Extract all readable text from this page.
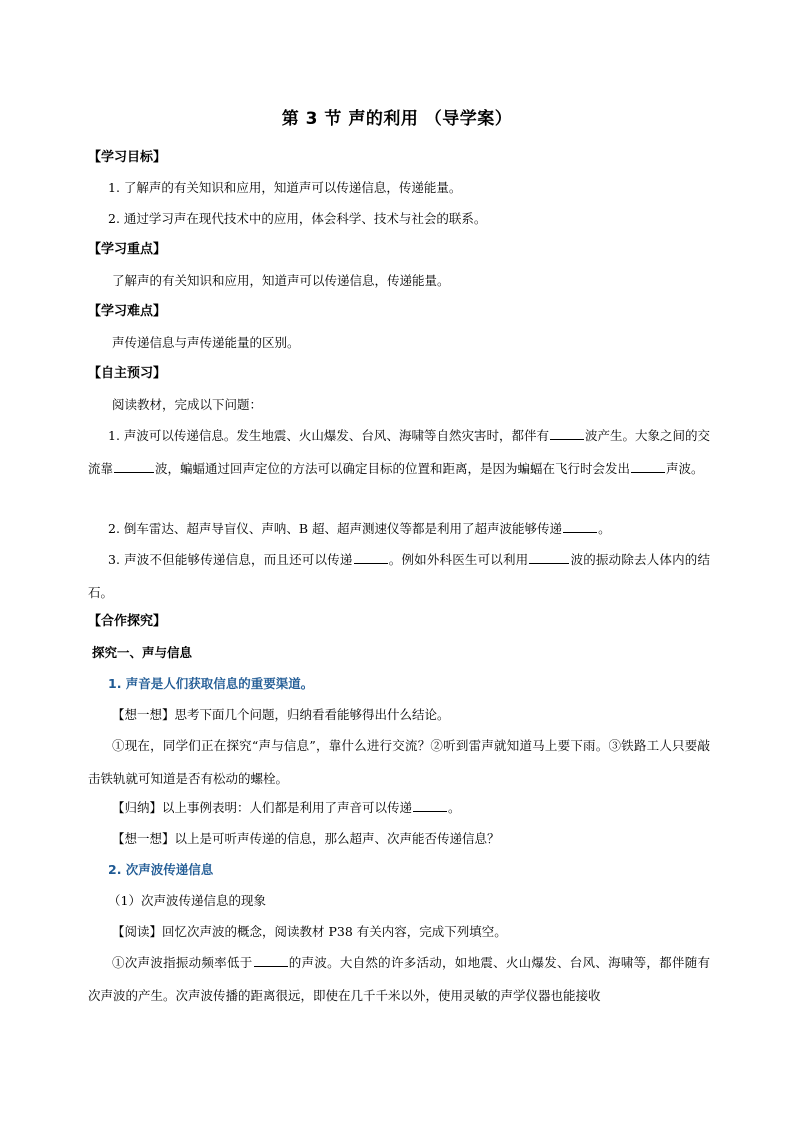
第 3 节 声的利用 （导学案）

【学习目标】

1. 了解声的有关知识和应用，知道声可以传递信息，传递能量。

2. 通过学习声在现代技术中的应用，体会科学、技术与社会的联系。

【学习重点】

了解声的有关知识和应用，知道声可以传递信息，传递能量。

【学习难点】

声传递信息与声传递能量的区别。

【自主预习】

阅读教材，完成以下问题：

1. 声波可以传递信息。发生地震、火山爆发、台风、海啸等自然灾害时，都伴有	波产生。大象之间的交流靠	波，蝙蝠通过回声定位的方法可以确定目标的位置和距离，是因为蝙蝠在飞行时会发出	声波。

2. 倒车雷达、超声导盲仪、声呐、B 超、超声测速仪等都是利用了超声波能够传递	。

3. 声波不但能够传递信息，而且还可以传递	。例如外科医生可以利用	波的振动除去人体内的结石。

【合作探究】

探究一、声与信息

1. 声音是人们获取信息的重要渠道。

【想一想】思考下面几个问题，归纳看看能够得出什么结论。

①现在，同学们正在探究“声与信息”，靠什么进行交流？②听到雷声就知道马上要下雨。③铁路工人只要敲击铁轨就可知道是否有松动的螺栓。

【归纳】以上事例表明：人们都是利用了声音可以传递	。

【想一想】以上是可听声传递的信息，那么超声、次声能否传递信息？

2. 次声波传递信息

（1）次声波传递信息的现象

【阅读】回忆次声波的概念，阅读教材 P38 有关内容，完成下列填空。

①次声波指振动频率低于	的声波。大自然的许多活动，如地震、火山爆发、台风、海啸等，都伴随有次声波的产生。次声波传播的距离很远，即使在几千千米以外，使用灵敏的声学仪器也能接收
